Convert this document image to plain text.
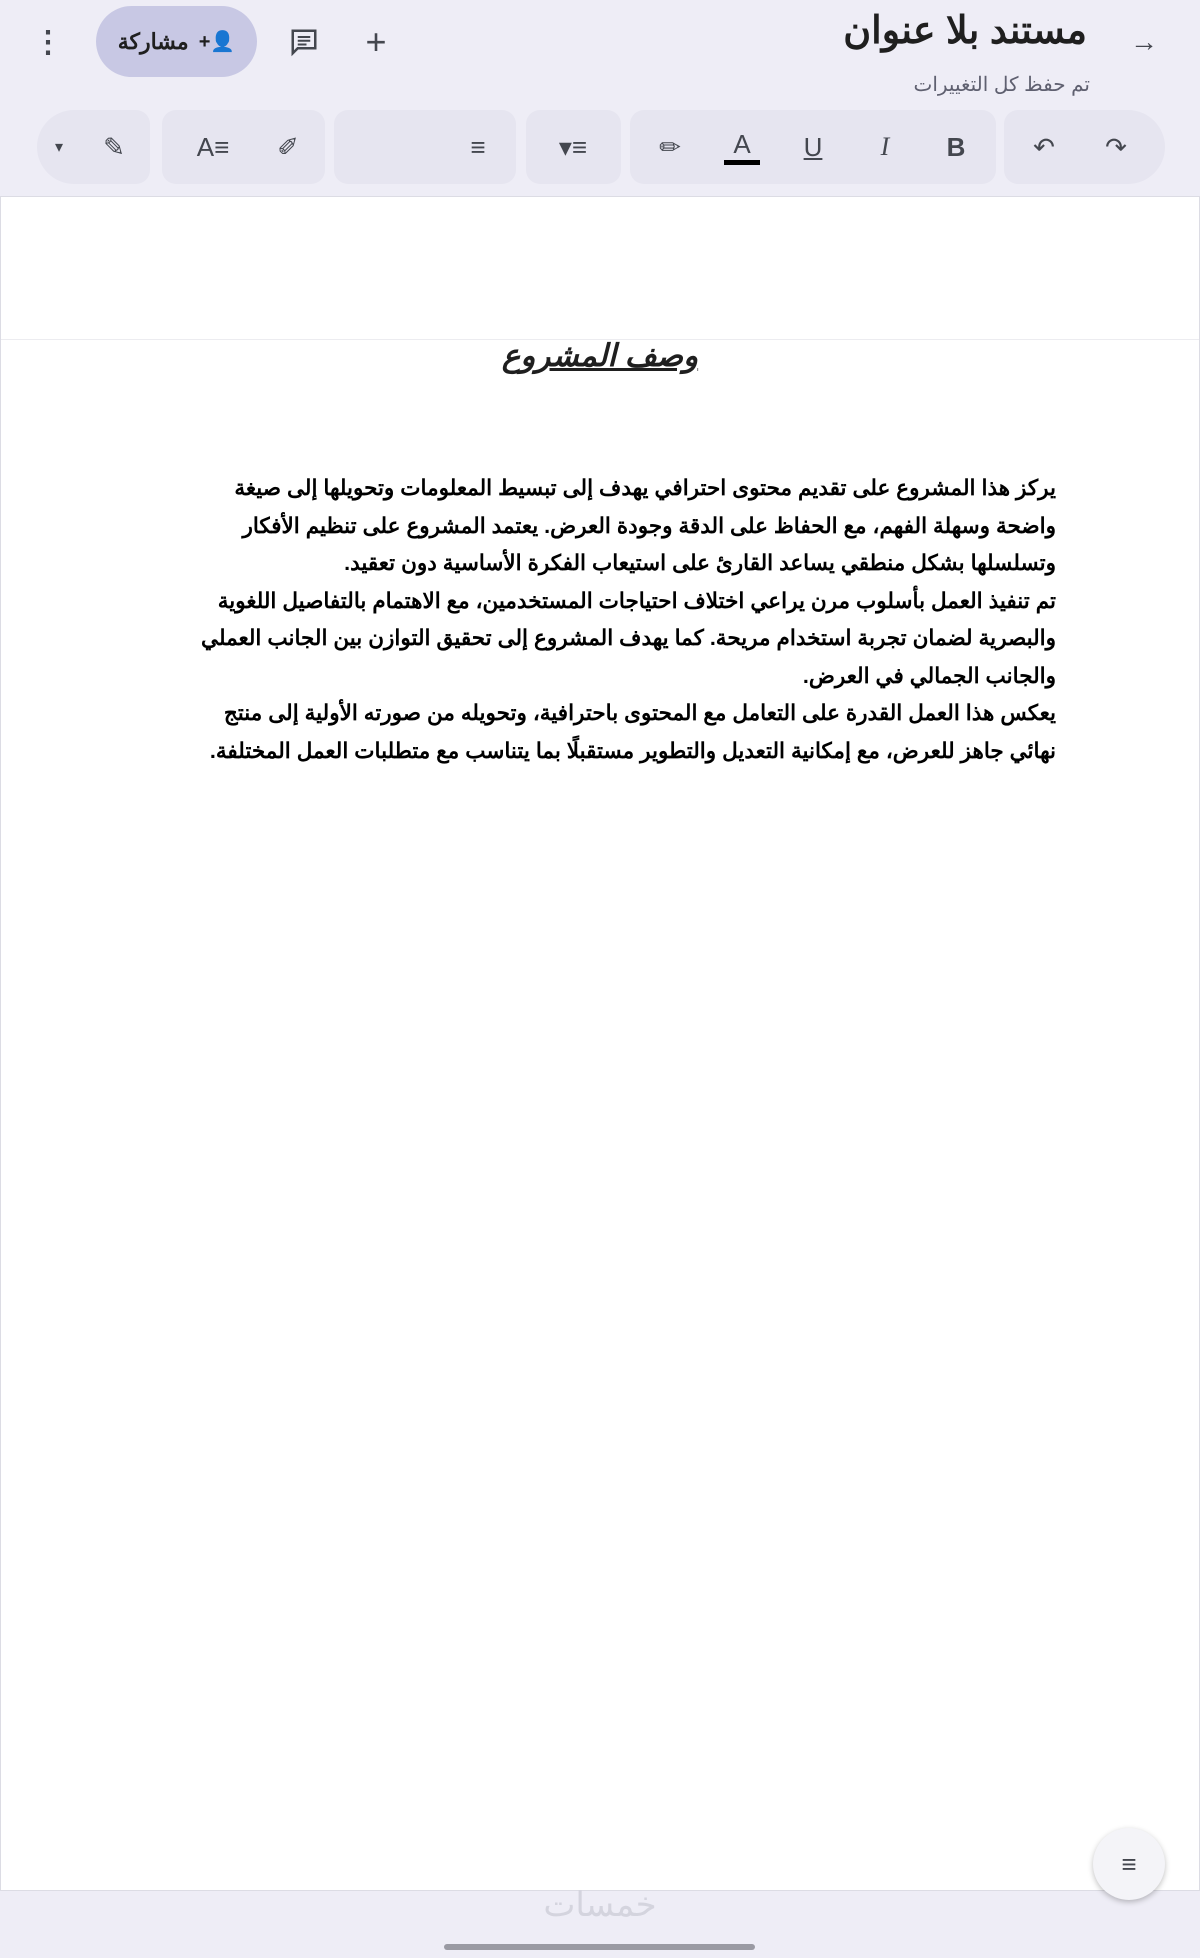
→
مستند بلا عنوان
تم حفظ كل التغييرات
+
👤+
مشاركة
⋮
▾	✎	A≡	✐	≡	▾≡	✏	A	U	I	B	↶	↷
وصف المشروع
يركز هذا المشروع على تقديم محتوى احترافي يهدف إلى تبسيط المعلومات وتحويلها إلى صيغة
واضحة وسهلة الفهم، مع الحفاظ على الدقة وجودة العرض. يعتمد المشروع على تنظيم الأفكار
وتسلسلها بشكل منطقي يساعد القارئ على استيعاب الفكرة الأساسية دون تعقيد.
تم تنفيذ العمل بأسلوب مرن يراعي اختلاف احتياجات المستخدمين، مع الاهتمام بالتفاصيل اللغوية
والبصرية لضمان تجربة استخدام مريحة. كما يهدف المشروع إلى تحقيق التوازن بين الجانب العملي
والجانب الجمالي في العرض.
يعكس هذا العمل القدرة على التعامل مع المحتوى باحترافية، وتحويله من صورته الأولية إلى منتج
نهائي جاهز للعرض، مع إمكانية التعديل والتطوير مستقبلًا بما يتناسب مع متطلبات العمل المختلفة.
≡
خمسات
